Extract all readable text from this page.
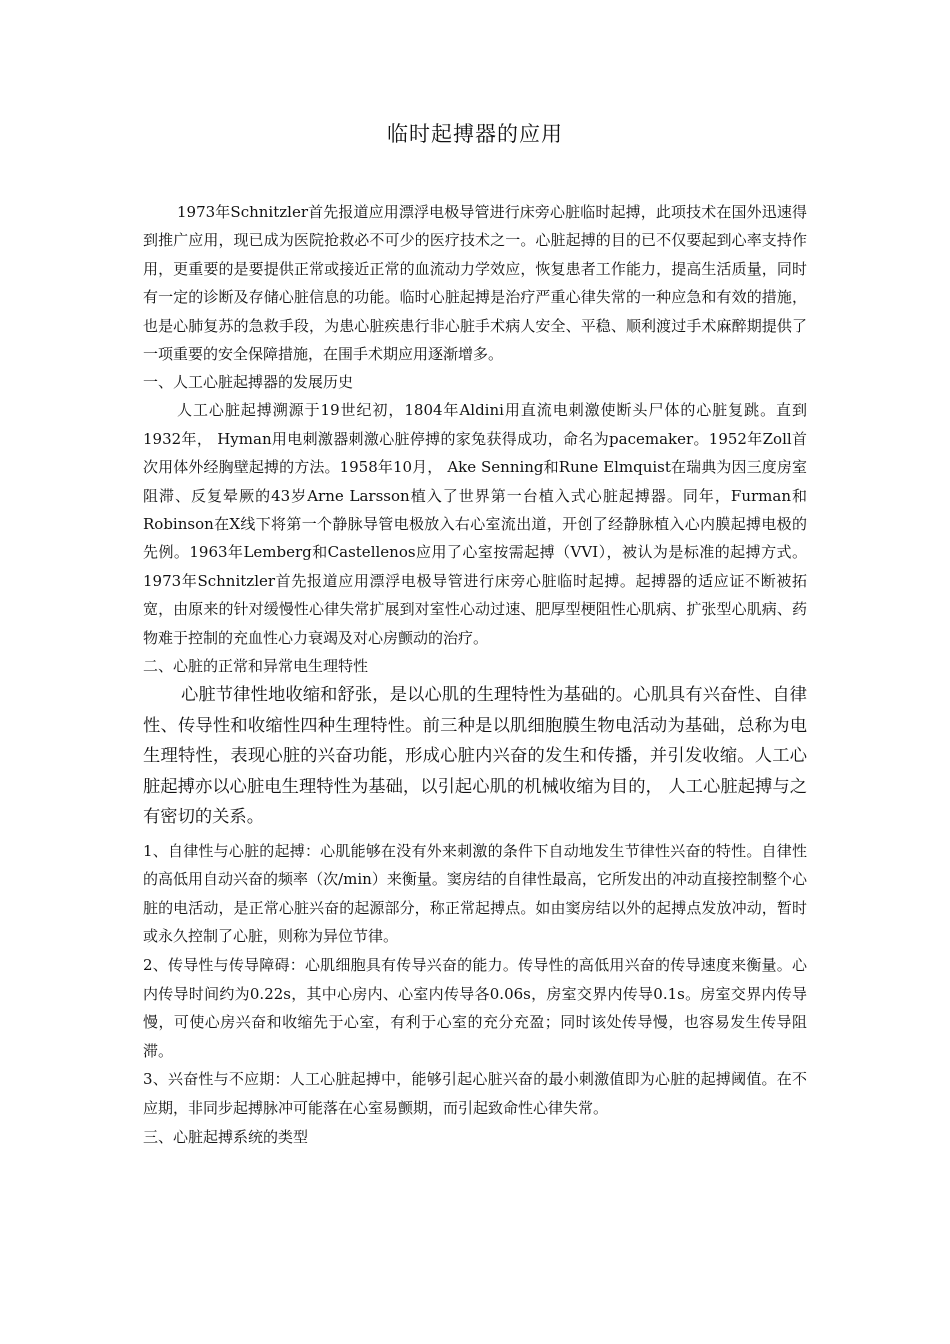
临时起搏器的应用

1973年Schnitzler首先报道应用漂浮电极导管进行床旁心脏临时起搏，此项技术在国外迅速得到推广应用，现已成为医院抢救必不可少的医疗技术之一。心脏起搏的目的已不仅要起到心率支持作用，更重要的是要提供正常或接近正常的血流动力学效应，恢复患者工作能力，提高生活质量，同时有一定的诊断及存储心脏信息的功能。临时心脏起搏是治疗严重心律失常的一种应急和有效的措施，也是心肺复苏的急救手段，为患心脏疾患行非心脏手术病人安全、平稳、顺利渡过手术麻醉期提供了一项重要的安全保障措施，在围手术期应用逐渐增多。

一、人工心脏起搏器的发展历史

人工心脏起搏溯源于19世纪初，1804年Aldini用直流电刺激使断头尸体的心脏复跳。直到1932年， Hyman用电刺激器刺激心脏停搏的家兔获得成功，命名为pacemaker。1952年Zoll首次用体外经胸壁起搏的方法。1958年10月， Ake Senning和Rune Elmquist在瑞典为因三度房室阻滞、反复晕厥的43岁Arne Larsson植入了世界第一台植入式心脏起搏器。同年，Furman和Robinson在X线下将第一个静脉导管电极放入右心室流出道，开创了经静脉植入心内膜起搏电极的先例。1963年Lemberg和Castellenos应用了心室按需起搏（VVI），被认为是标准的起搏方式。1973年Schnitzler首先报道应用漂浮电极导管进行床旁心脏临时起搏。起搏器的适应证不断被拓宽，由原来的针对缓慢性心律失常扩展到对室性心动过速、肥厚型梗阻性心肌病、扩张型心肌病、药物难于控制的充血性心力衰竭及对心房颤动的治疗。

二、心脏的正常和异常电生理特性

心脏节律性地收缩和舒张，是以心肌的生理特性为基础的。心肌具有兴奋性、自律性、传导性和收缩性四种生理特性。前三种是以肌细胞膜生物电活动为基础，总称为电生理特性，表现心脏的兴奋功能，形成心脏内兴奋的发生和传播，并引发收缩。人工心脏起搏亦以心脏电生理特性为基础，以引起心肌的机械收缩为目的， 人工心脏起搏与之有密切的关系。

1、自律性与心脏的起搏：心肌能够在没有外来刺激的条件下自动地发生节律性兴奋的特性。自律性的高低用自动兴奋的频率（次/min）来衡量。窦房结的自律性最高，它所发出的冲动直接控制整个心脏的电活动，是正常心脏兴奋的起源部分，称正常起搏点。如由窦房结以外的起搏点发放冲动，暂时或永久控制了心脏，则称为异位节律。

2、传导性与传导障碍：心肌细胞具有传导兴奋的能力。传导性的高低用兴奋的传导速度来衡量。心内传导时间约为0.22s，其中心房内、心室内传导各0.06s，房室交界内传导0.1s。房室交界内传导慢，可使心房兴奋和收缩先于心室，有利于心室的充分充盈；同时该处传导慢，也容易发生传导阻滞。

3、兴奋性与不应期：人工心脏起搏中，能够引起心脏兴奋的最小刺激值即为心脏的起搏阈值。在不应期，非同步起搏脉冲可能落在心室易颤期，而引起致命性心律失常。

三、心脏起搏系统的类型
